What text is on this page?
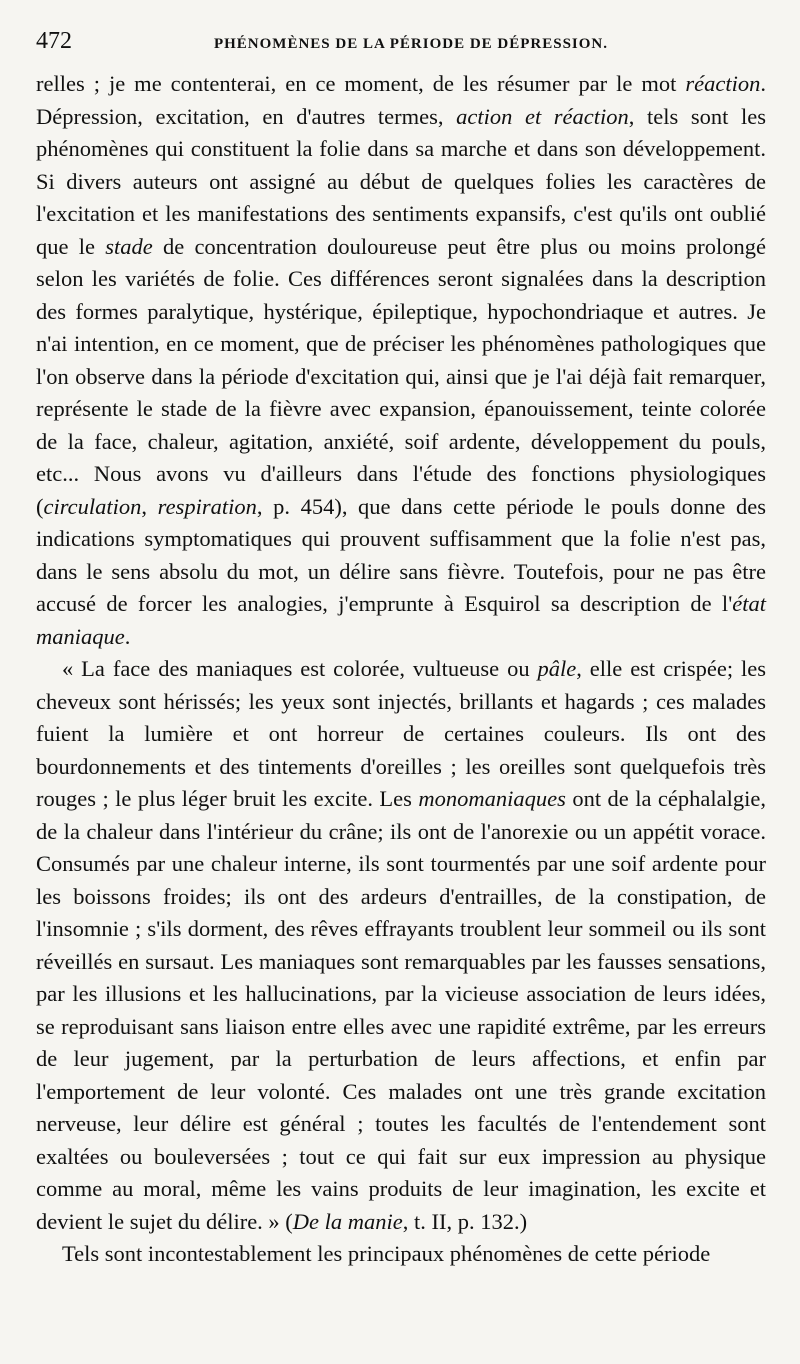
472	PHÉNOMÈNES DE LA PÉRIODE DE DÉPRESSION.

relles ; je me contenterai, en ce moment, de les résumer par le mot réaction. Dépression, excitation, en d'autres termes, action et réaction, tels sont les phénomènes qui constituent la folie dans sa marche et dans son développement. Si divers auteurs ont assigné au début de quelques folies les caractères de l'excitation et les manifestations des sentiments expansifs, c'est qu'ils ont oublié que le stade de concentration douloureuse peut être plus ou moins prolongé selon les variétés de folie. Ces différences seront signalées dans la description des formes paralytique, hystérique, épileptique, hypochondriaque et autres. Je n'ai intention, en ce moment, que de préciser les phénomènes pathologiques que l'on observe dans la période d'excitation qui, ainsi que je l'ai déjà fait remarquer, représente le stade de la fièvre avec expansion, épanouissement, teinte colorée de la face, chaleur, agitation, anxiété, soif ardente, développement du pouls, etc... Nous avons vu d'ailleurs dans l'étude des fonctions physiologiques (circulation, respiration, p. 454), que dans cette période le pouls donne des indications symptomatiques qui prouvent suffisamment que la folie n'est pas, dans le sens absolu du mot, un délire sans fièvre. Toutefois, pour ne pas être accusé de forcer les analogies, j'emprunte à Esquirol sa description de l'état maniaque.

« La face des maniaques est colorée, vultueuse ou pâle, elle est crispée; les cheveux sont hérissés; les yeux sont injectés, brillants et hagards ; ces malades fuient la lumière et ont horreur de certaines couleurs. Ils ont des bourdonnements et des tintements d'oreilles ; les oreilles sont quelquefois très rouges ; le plus léger bruit les excite. Les monomaniaques ont de la céphalalgie, de la chaleur dans l'intérieur du crâne; ils ont de l'anorexie ou un appétit vorace. Consumés par une chaleur interne, ils sont tourmentés par une soif ardente pour les boissons froides; ils ont des ardeurs d'entrailles, de la constipation, de l'insomnie ; s'ils dorment, des rêves effrayants troublent leur sommeil ou ils sont réveillés en sursaut. Les maniaques sont remarquables par les fausses sensations, par les illusions et les hallucinations, par la vicieuse association de leurs idées, se reproduisant sans liaison entre elles avec une rapidité extrême, par les erreurs de leur jugement, par la perturbation de leurs affections, et enfin par l'emportement de leur volonté. Ces malades ont une très grande excitation nerveuse, leur délire est général ; toutes les facultés de l'entendement sont exaltées ou bouleversées ; tout ce qui fait sur eux impression au physique comme au moral, même les vains produits de leur imagination, les excite et devient le sujet du délire. » (De la manie, t. II, p. 132.)

Tels sont incontestablement les principaux phénomènes de cette période
